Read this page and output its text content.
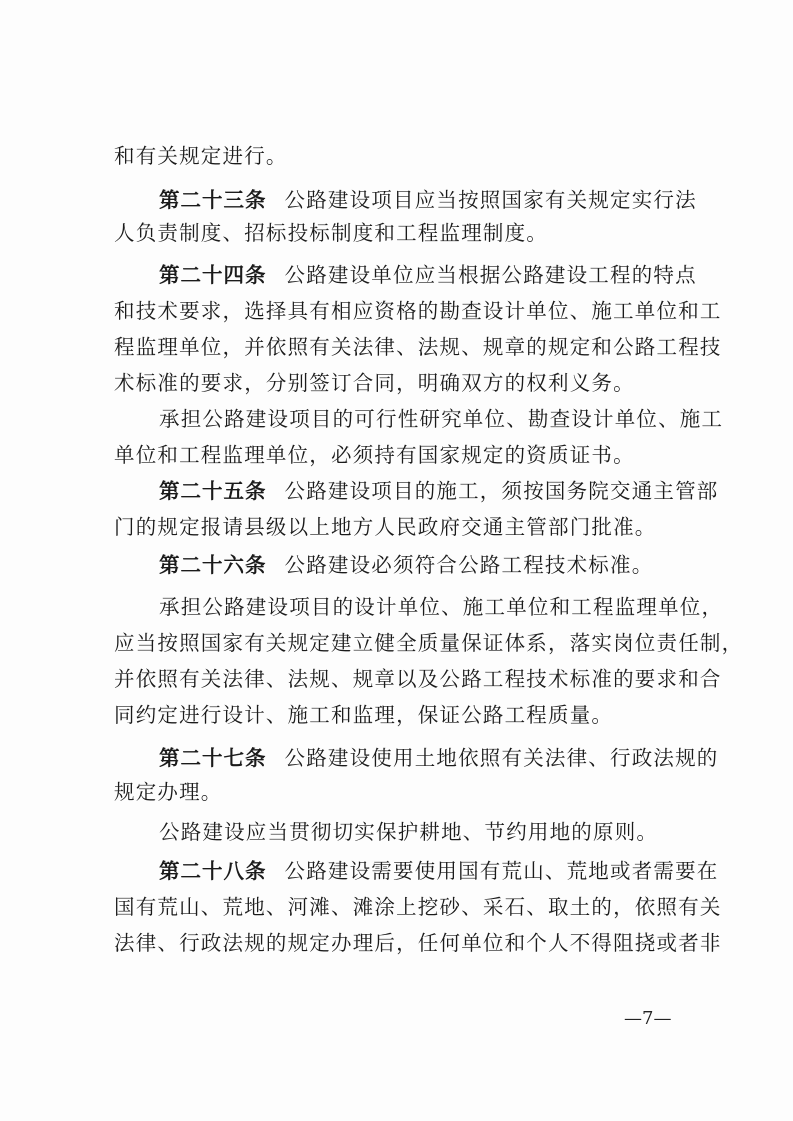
和有关规定进行。
第二十三条 公路建设项目应当按照国家有关规定实行法
人负责制度、招标投标制度和工程监理制度。
第二十四条 公路建设单位应当根据公路建设工程的特点
和技术要求，选择具有相应资格的勘查设计单位、施工单位和工
程监理单位，并依照有关法律、法规、规章的规定和公路工程技
术标准的要求，分别签订合同，明确双方的权利义务。
承担公路建设项目的可行性研究单位、勘查设计单位、施工
单位和工程监理单位，必须持有国家规定的资质证书。
第二十五条 公路建设项目的施工，须按国务院交通主管部
门的规定报请县级以上地方人民政府交通主管部门批准。
第二十六条 公路建设必须符合公路工程技术标准。
承担公路建设项目的设计单位、施工单位和工程监理单位，
应当按照国家有关规定建立健全质量保证体系，落实岗位责任制，
并依照有关法律、法规、规章以及公路工程技术标准的要求和合
同约定进行设计、施工和监理，保证公路工程质量。
第二十七条 公路建设使用土地依照有关法律、行政法规的
规定办理。
公路建设应当贯彻切实保护耕地、节约用地的原则。
第二十八条 公路建设需要使用国有荒山、荒地或者需要在
国有荒山、荒地、河滩、滩涂上挖砂、采石、取土的，依照有关
法律、行政法规的规定办理后，任何单位和个人不得阻挠或者非
—7—
